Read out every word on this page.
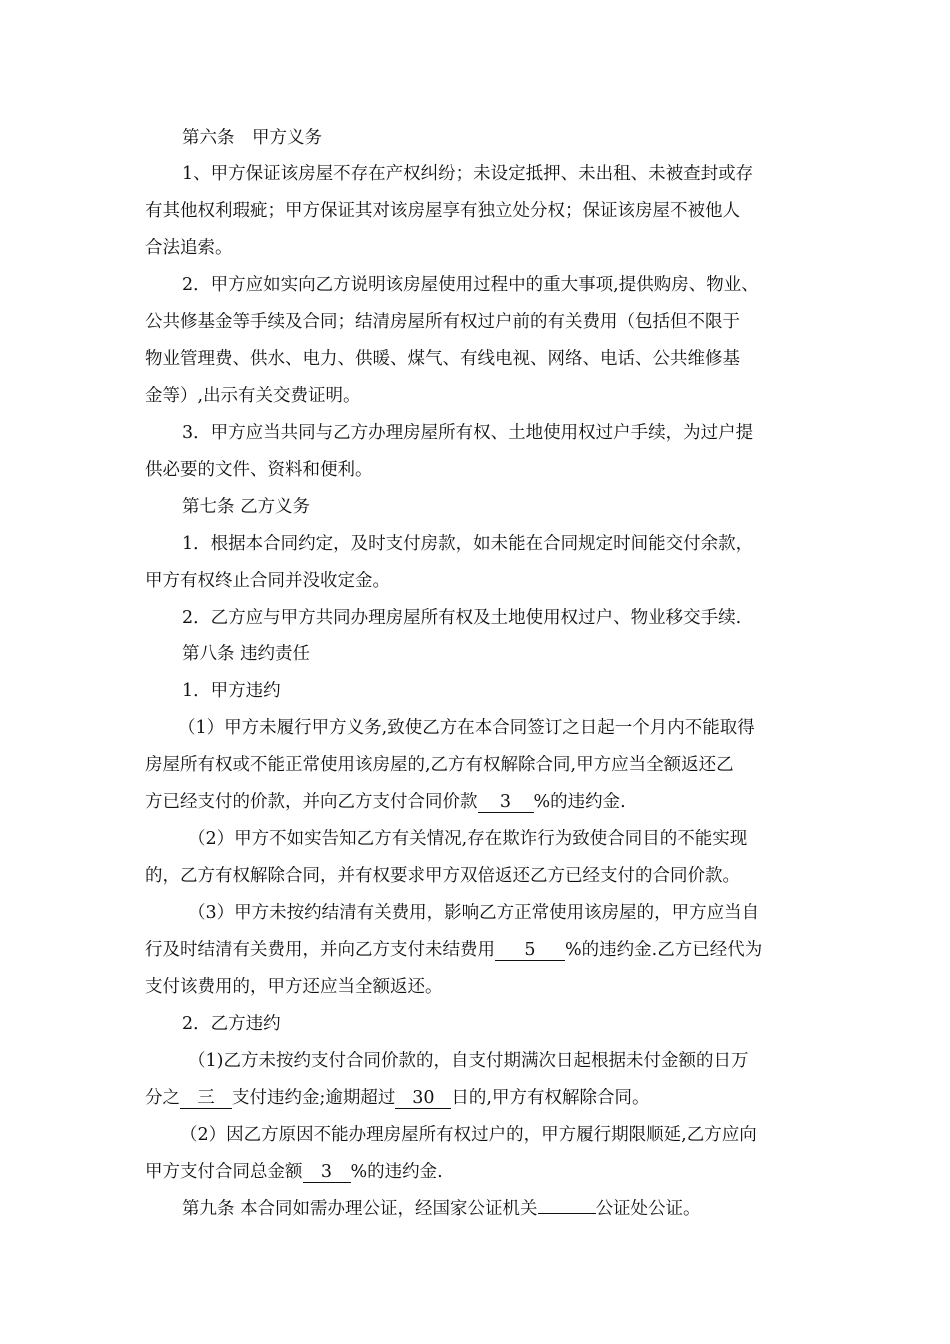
第六条　甲方义务

1、甲方保证该房屋不存在产权纠纷；未设定抵押、未出租、未被查封或存

有其他权利瑕疵；甲方保证其对该房屋享有独立处分权；保证该房屋不被他人

合法追索。

2．甲方应如实向乙方说明该房屋使用过程中的重大事项,提供购房、物业、

公共修基金等手续及合同；结清房屋所有权过户前的有关费用（包括但不限于

物业管理费、供水、电力、供暖、煤气、有线电视、网络、电话、公共维修基

金等）,出示有关交费证明。

3．甲方应当共同与乙方办理房屋所有权、土地使用权过户手续，为过户提

供必要的文件、资料和便利。

第七条 乙方义务

1．根据本合同约定，及时支付房款，如未能在合同规定时间能交付余款，

甲方有权终止合同并没收定金。

2．乙方应与甲方共同办理房屋所有权及土地使用权过户、物业移交手续.

第八条 违约责任

1．甲方违约

（1）甲方未履行甲方义务,致使乙方在本合同签订之日起一个月内不能取得

房屋所有权或不能正常使用该房屋的,乙方有权解除合同,甲方应当全额返还乙

方已经支付的价款，并向乙方支付合同价款 3 %的违约金.

（2）甲方不如实告知乙方有关情况,存在欺诈行为致使合同目的不能实现

的，乙方有权解除合同，并有权要求甲方双倍返还乙方已经支付的合同价款。

（3）甲方未按约结清有关费用，影响乙方正常使用该房屋的，甲方应当自

行及时结清有关费用，并向乙方支付未结费用 5 %的违约金.乙方已经代为

支付该费用的，甲方还应当全额返还。

2．乙方违约

（1)乙方未按约支付合同价款的，自支付期满次日起根据未付金额的日万

分之 三 支付违约金;逾期超过 30 日的,甲方有权解除合同。

（2）因乙方原因不能办理房屋所有权过户的，甲方履行期限顺延,乙方应向

甲方支付合同总金额 3 %的违约金.

第九条 本合同如需办理公证，经国家公证机关	公证处公证。
